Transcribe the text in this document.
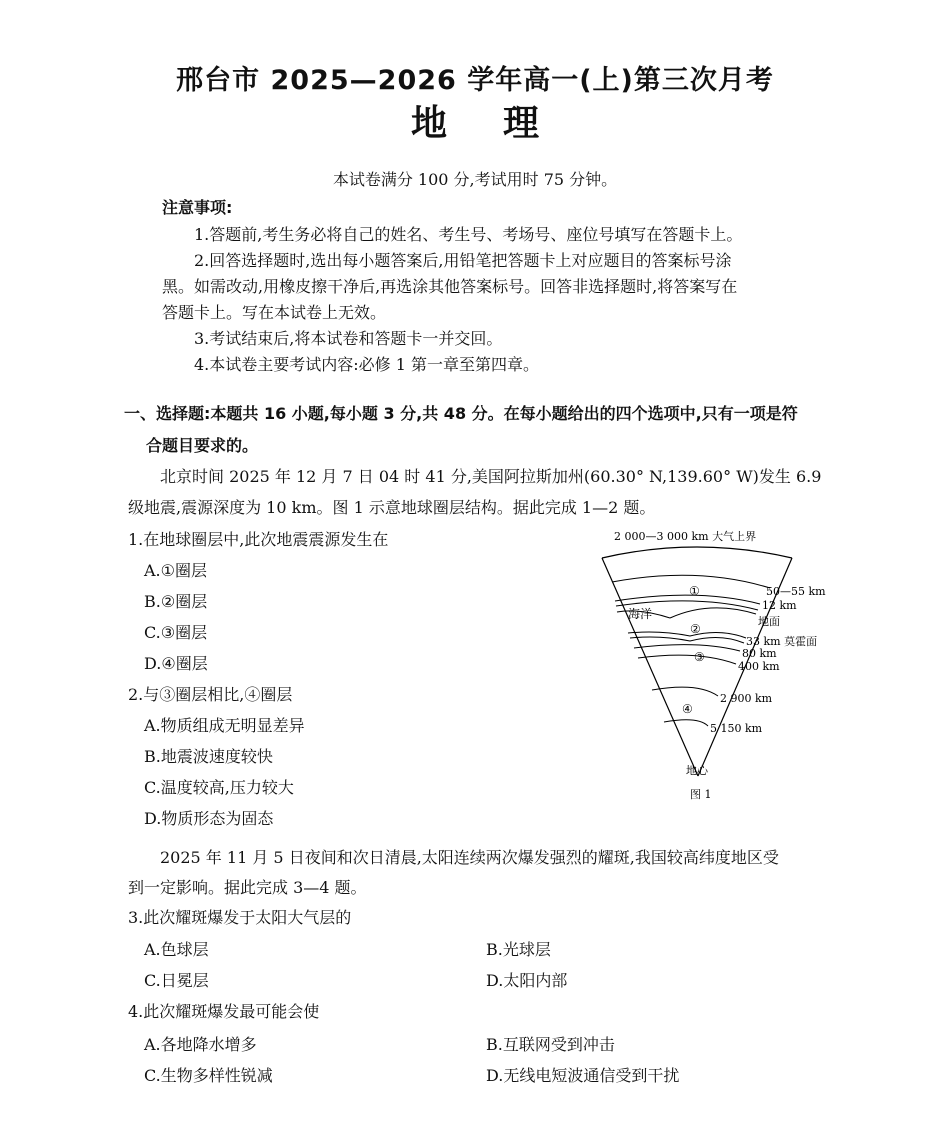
邢台市 2025—2026 学年高一(上)第三次月考
地理
本试卷满分 100 分,考试用时 75 分钟。
注意事项:
1.答题前,考生务必将自己的姓名、考生号、考场号、座位号填写在答题卡上。
2.回答选择题时,选出每小题答案后,用铅笔把答题卡上对应题目的答案标号涂
黑。如需改动,用橡皮擦干净后,再选涂其他答案标号。回答非选择题时,将答案写在
答题卡上。写在本试卷上无效。
3.考试结束后,将本试卷和答题卡一并交回。
4.本试卷主要考试内容:必修 1 第一章至第四章。
一、选择题:本题共 16 小题,每小题 3 分,共 48 分。在每小题给出的四个选项中,只有一项是符
合题目要求的。
北京时间 2025 年 12 月 7 日 04 时 41 分,美国阿拉斯加州(60.30° N,139.60° W)发生 6.9
级地震,震源深度为 10 km。图 1 示意地球圈层结构。据此完成 1—2 题。
1.在地球圈层中,此次地震震源发生在
A.①圈层
B.②圈层
C.③圈层
D.④圈层
2.与③圈层相比,④圈层
A.物质组成无明显差异
B.地震波速度较快
C.温度较高,压力较大
D.物质形态为固态
2 000—3 000 km 大气上界
①
海洋
②
③
④
50—55 km
12 km
地面
33 km 莫霍面
80 km
400 km
2 900 km
5 150 km
地心
图 1
2025 年 11 月 5 日夜间和次日清晨,太阳连续两次爆发强烈的耀斑,我国较高纬度地区受
到一定影响。据此完成 3—4 题。
3.此次耀斑爆发于太阳大气层的
A.色球层	B.光球层
C.日冕层	D.太阳内部
4.此次耀斑爆发最可能会使
A.各地降水增多	B.互联网受到冲击
C.生物多样性锐减	D.无线电短波通信受到干扰
